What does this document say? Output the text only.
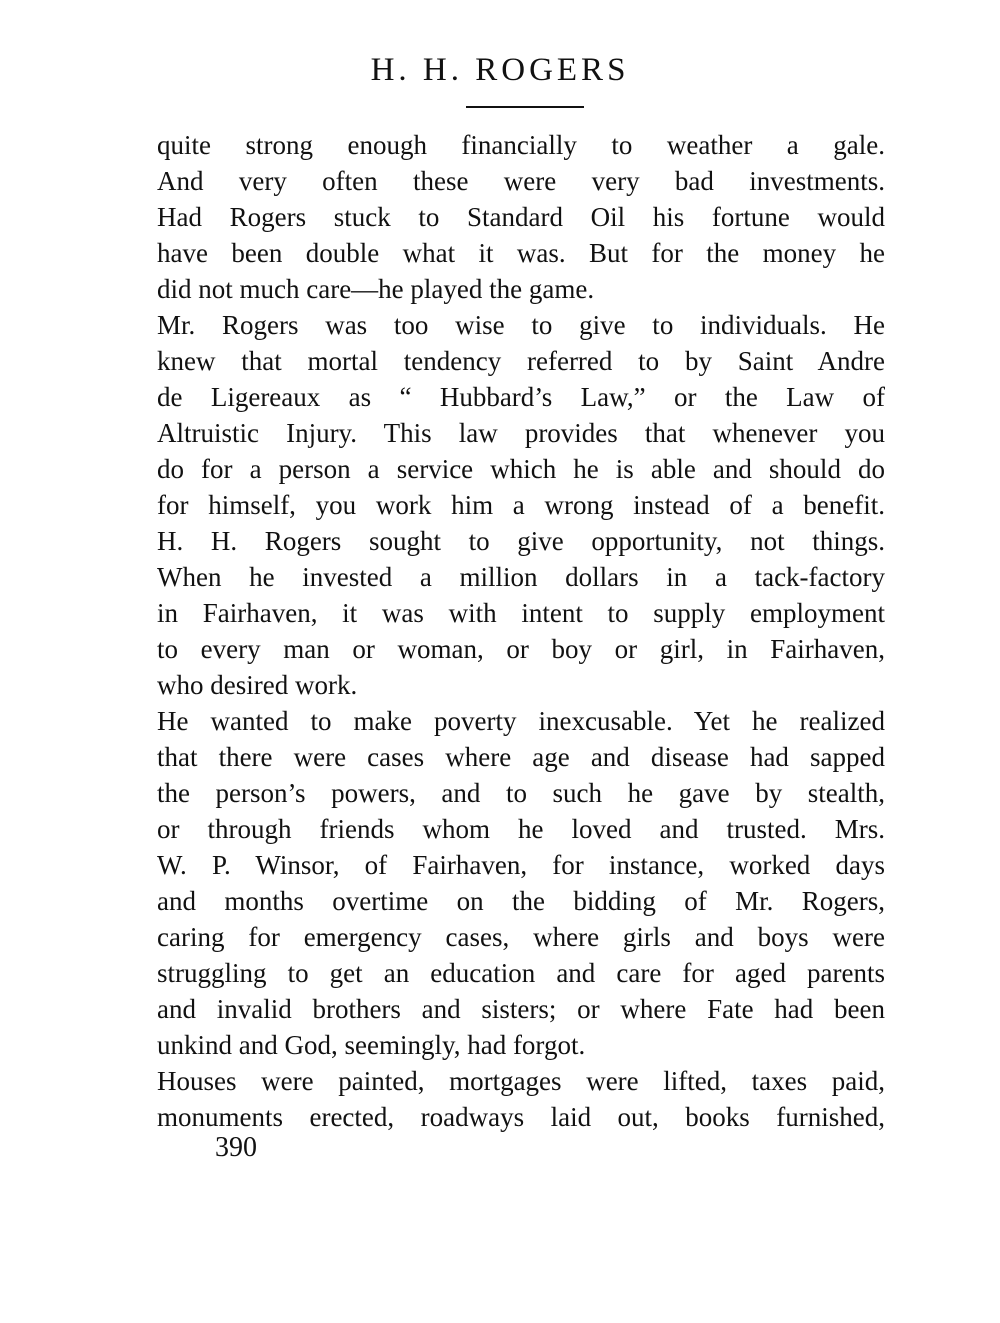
H. H. ROGERS
quite strong enough financially to weather a gale.
And very often these were very bad investments.
Had Rogers stuck to Standard Oil his fortune would
have been double what it was. But for the money he
did not much care—he played the game.
Mr. Rogers was too wise to give to individuals. He
knew that mortal tendency referred to by Saint Andre
de Ligereaux as “ Hubbard’s Law,” or the Law of
Altruistic Injury. This law provides that whenever you
do for a person a service which he is able and should do
for himself, you work him a wrong instead of a benefit.
H. H. Rogers sought to give opportunity, not things.
When he invested a million dollars in a tack-factory
in Fairhaven, it was with intent to supply employment
to every man or woman, or boy or girl, in Fairhaven,
who desired work.
He wanted to make poverty inexcusable. Yet he realized
that there were cases where age and disease had sapped
the person’s powers, and to such he gave by stealth,
or through friends whom he loved and trusted. Mrs.
W. P. Winsor, of Fairhaven, for instance, worked days
and months overtime on the bidding of Mr. Rogers,
caring for emergency cases, where girls and boys were
struggling to get an education and care for aged parents
and invalid brothers and sisters; or where Fate had been
unkind and God, seemingly, had forgot.
Houses were painted, mortgages were lifted, taxes paid,
monuments erected, roadways laid out, books furnished,
390
